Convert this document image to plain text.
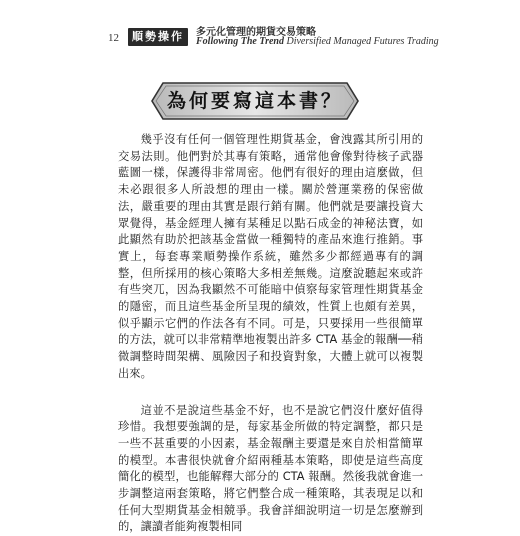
12	順勢操作	多元化管理的期貨交易策略
Following The Trend Diversified Managed Futures Trading
為何要寫這本書？

幾乎沒有任何一個管理性期貨基金，會洩露其所引用的交易法則。他們對於其專有策略，通常他會像對待核子武器藍圖一樣，保護得非常周密。他們有很好的理由這麼做，但未必跟很多人所設想的理由一樣。關於營運業務的保密做法，嚴重要的理由其實是跟行銷有關。他們就是要讓投資大眾覺得，基金經理人擁有某種足以點石成金的神秘法寶，如此顯然有助於把該基金當做一種獨特的產品來進行推銷。事實上，每套專業順勢操作系統，雖然多少都經過專有的調整，但所採用的核心策略大多相差無幾。這麼說聽起來或許有些突兀，因為我顯然不可能暗中偵察每家管理性期貨基金的隱密，而且這些基金所呈現的績效，性質上也頗有差異，似乎顯示它們的作法各有不同。可是，只要採用一些很簡單的方法，就可以非常精準地複製出許多 CTA 基金的報酬──稍微調整時間架構、風險因子和投資對象，大體上就可以複製出來。

這並不是說這些基金不好，也不是說它們沒什麼好值得珍惜。我想要強調的是，每家基金所做的特定調整，都只是一些不甚重要的小因素，基金報酬主要還是來自於相當簡單的模型。本書很快就會介紹兩種基本策略，即使是這些高度簡化的模型，也能解釋大部分的 CTA 報酬。然後我就會進一步調整這兩套策略，將它們整合成一種策略，其表現足以和任何大型期貨基金相競爭。我會詳細說明這一切是怎麼辦到的，讓讀者能夠複製相同
